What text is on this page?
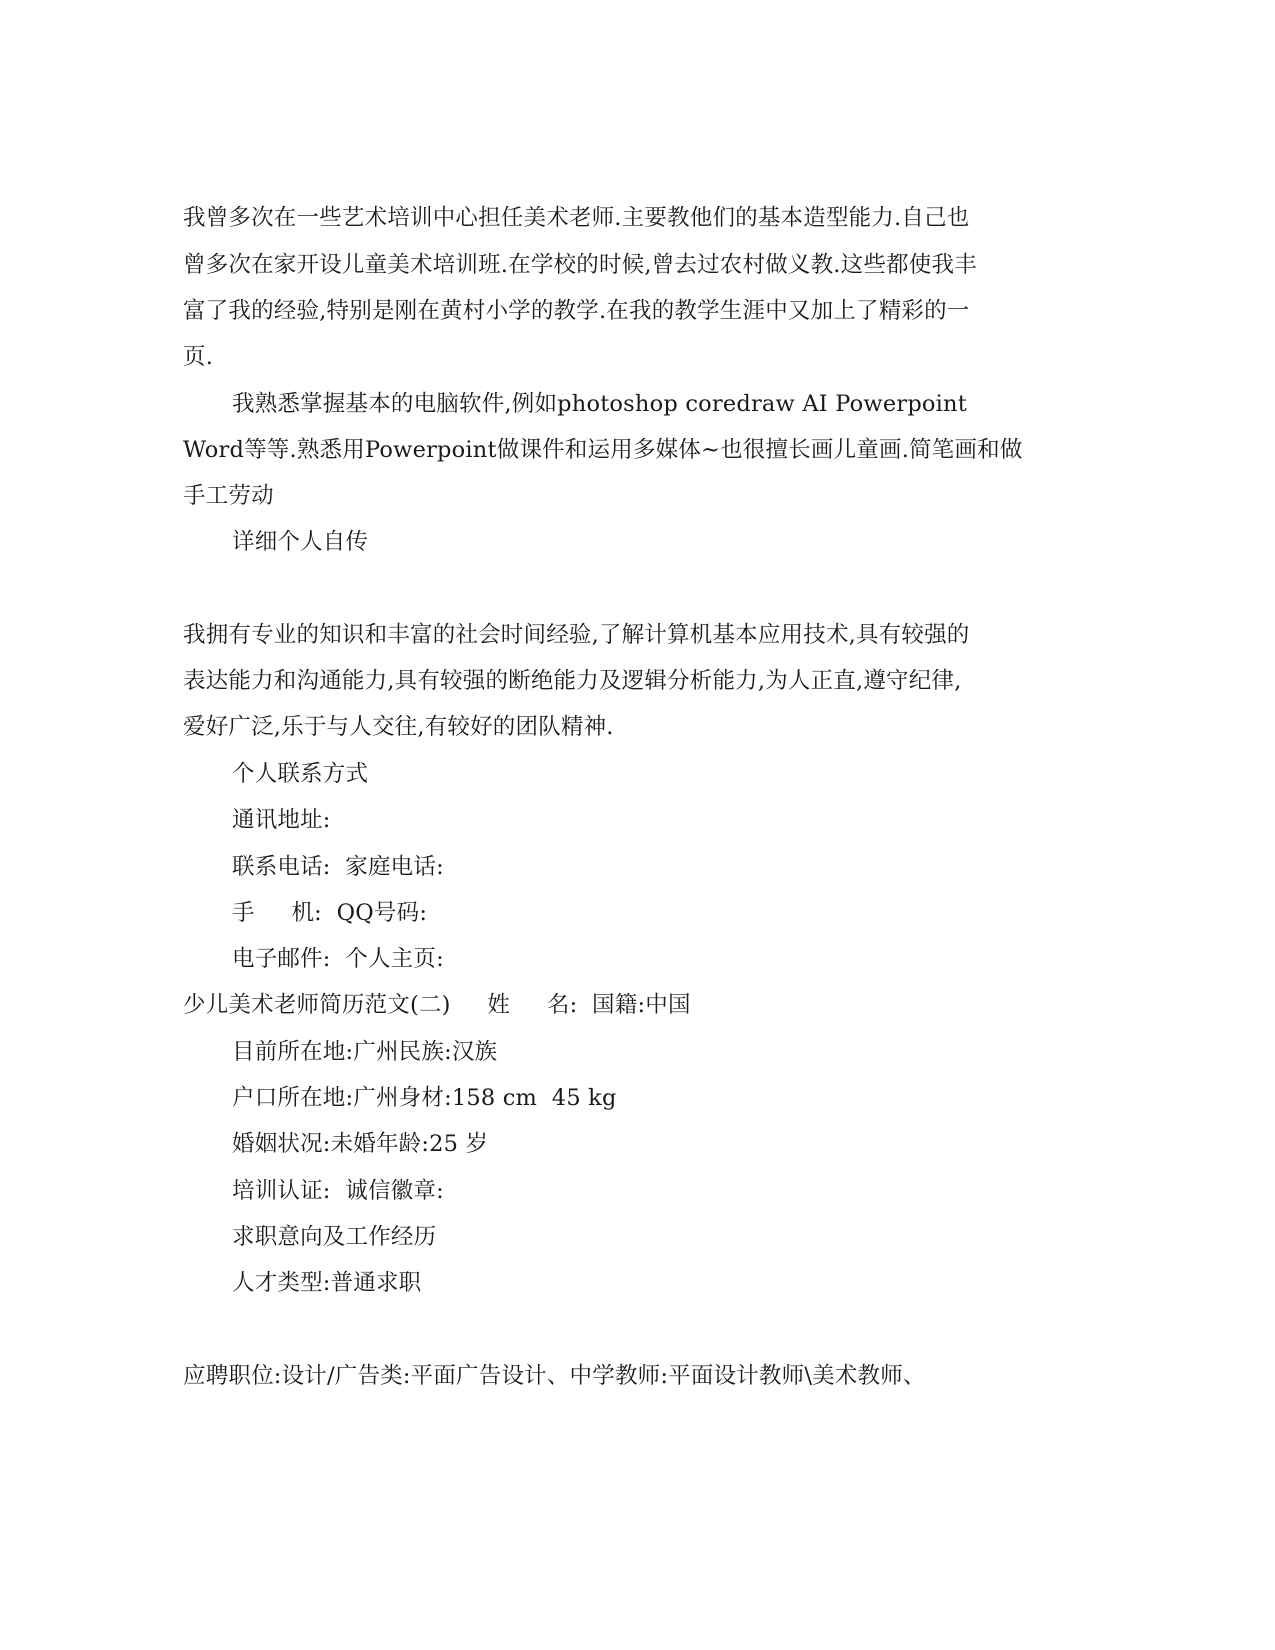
我曾多次在一些艺术培训中心担任美术老师.主要教他们的基本造型能力.自己也
曾多次在家开设儿童美术培训班.在学校的时候,曾去过农村做义教.这些都使我丰
富了我的经验,特别是刚在黄村小学的教学.在我的教学生涯中又加上了精彩的一
页.
我熟悉掌握基本的电脑软件,例如photoshop coredraw AI Powerpoint
Word等等.熟悉用Powerpoint做课件和运用多媒体~也很擅长画儿童画.简笔画和做
手工劳动
详细个人自传
我拥有专业的知识和丰富的社会时间经验,了解计算机基本应用技术,具有较强的
表达能力和沟通能力,具有较强的断绝能力及逻辑分析能力,为人正直,遵守纪律,
爱好广泛,乐于与人交往,有较好的团队精神.
个人联系方式
通讯地址:
联系电话:  家庭电话:
手     机:  QQ号码:
电子邮件:  个人主页:
少儿美术老师简历范文(二)     姓     名:  国籍:中国
目前所在地:广州民族:汉族
户口所在地:广州身材:158 cm  45 kg
婚姻状况:未婚年龄:25 岁
培训认证:  诚信徽章:
求职意向及工作经历
人才类型:普通求职
应聘职位:设计/广告类:平面广告设计、中学教师:平面设计教师\美术教师、
